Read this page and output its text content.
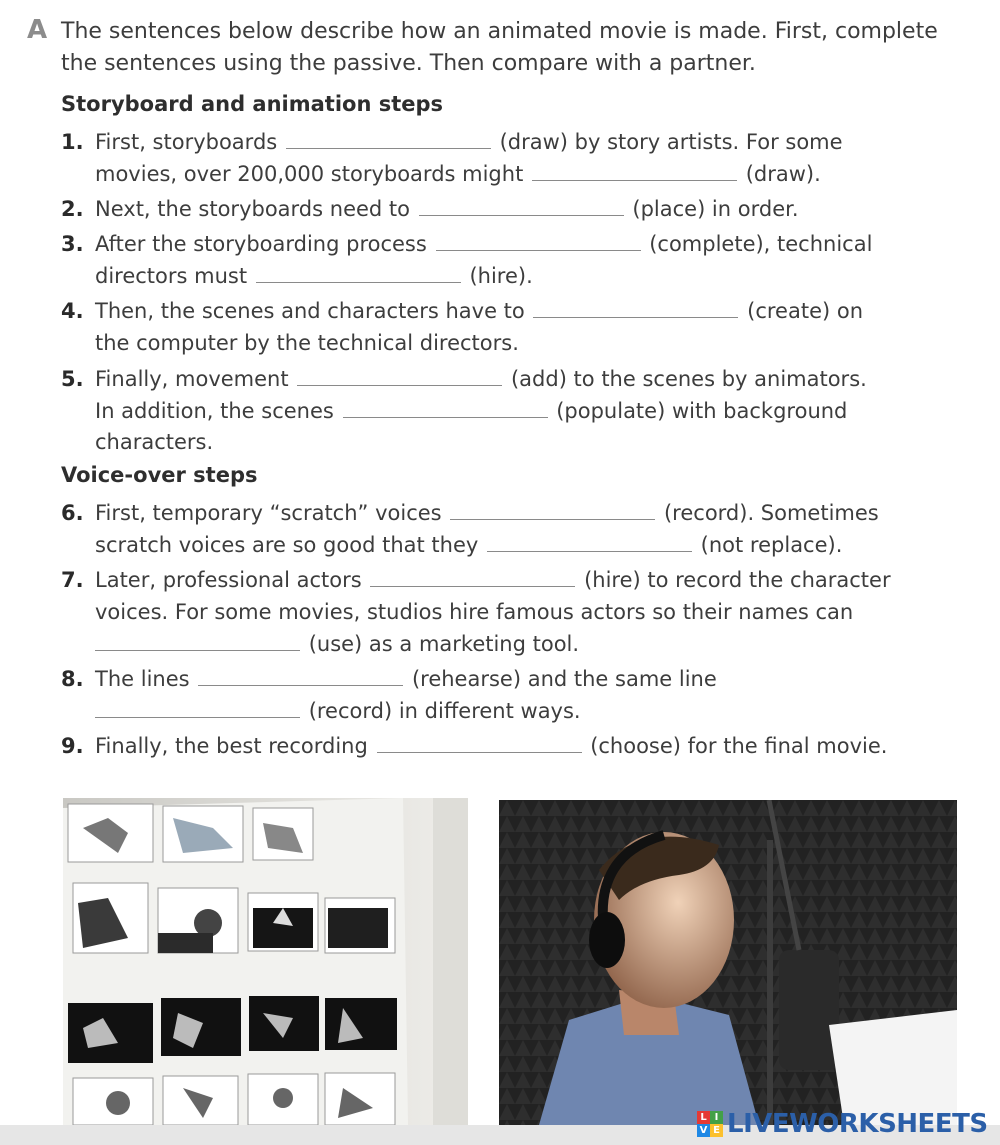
A The sentences below describe how an animated movie is made. First, complete
the sentences using the passive. Then compare with a partner.
Storyboard and animation steps
1. First, storyboards	(draw) by story artists. For some
movies, over 200,000 storyboards might	(draw).
2. Next, the storyboards need to	(place) in order.
3. After the storyboarding process	(complete), technical
directors must	(hire).
4. Then, the scenes and characters have to	(create) on
the computer by the technical directors.
5. Finally, movement	(add) to the scenes by animators.
In addition, the scenes	(populate) with background
characters.
Voice-over steps
6. First, temporary “scratch” voices	(record). Sometimes
scratch voices are so good that they	(not replace).
7. Later, professional actors	(hire) to record the character
voices. For some movies, studios hire famous actors so their names can
(use) as a marketing tool.
8. The lines	(rehearse) and the same line
(record) in different ways.
9. Finally, the best recording	(choose) for the final movie.
L I
V E LIVEWORKSHEETS
